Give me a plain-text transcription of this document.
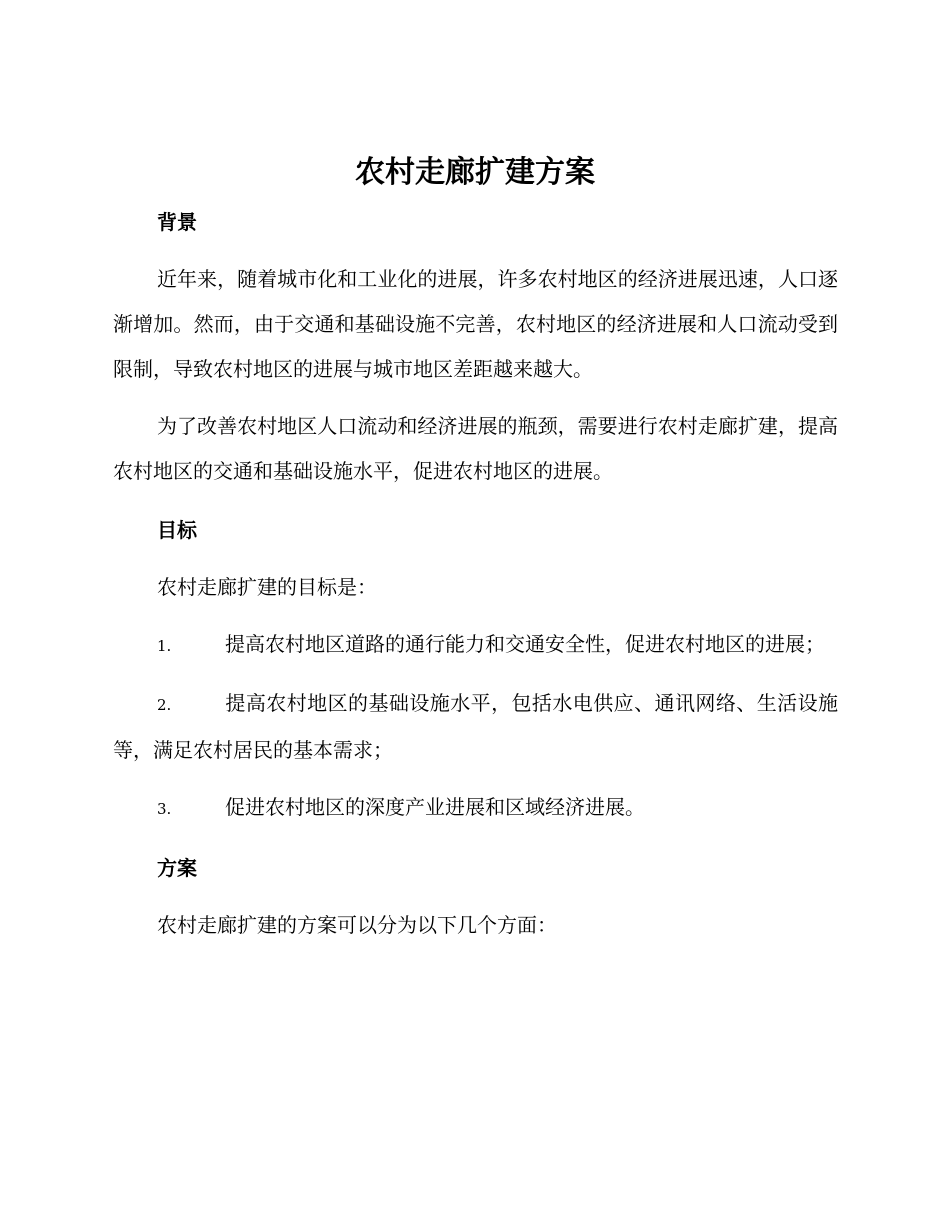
农村走廊扩建方案
背景

近年来，随着城市化和工业化的进展，许多农村地区的经济进展迅速，人口逐渐增加。然而，由于交通和基础设施不完善，农村地区的经济进展和人口流动受到限制，导致农村地区的进展与城市地区差距越来越大。

为了改善农村地区人口流动和经济进展的瓶颈，需要进行农村走廊扩建，提高农村地区的交通和基础设施水平，促进农村地区的进展。

目标

农村走廊扩建的目标是：

1.	提高农村地区道路的通行能力和交通安全性，促进农村地区的进展；

2.	提高农村地区的基础设施水平，包括水电供应、通讯网络、生活设施等，满足农村居民的基本需求；

3.	促进农村地区的深度产业进展和区域经济进展。

方案

农村走廊扩建的方案可以分为以下几个方面：
